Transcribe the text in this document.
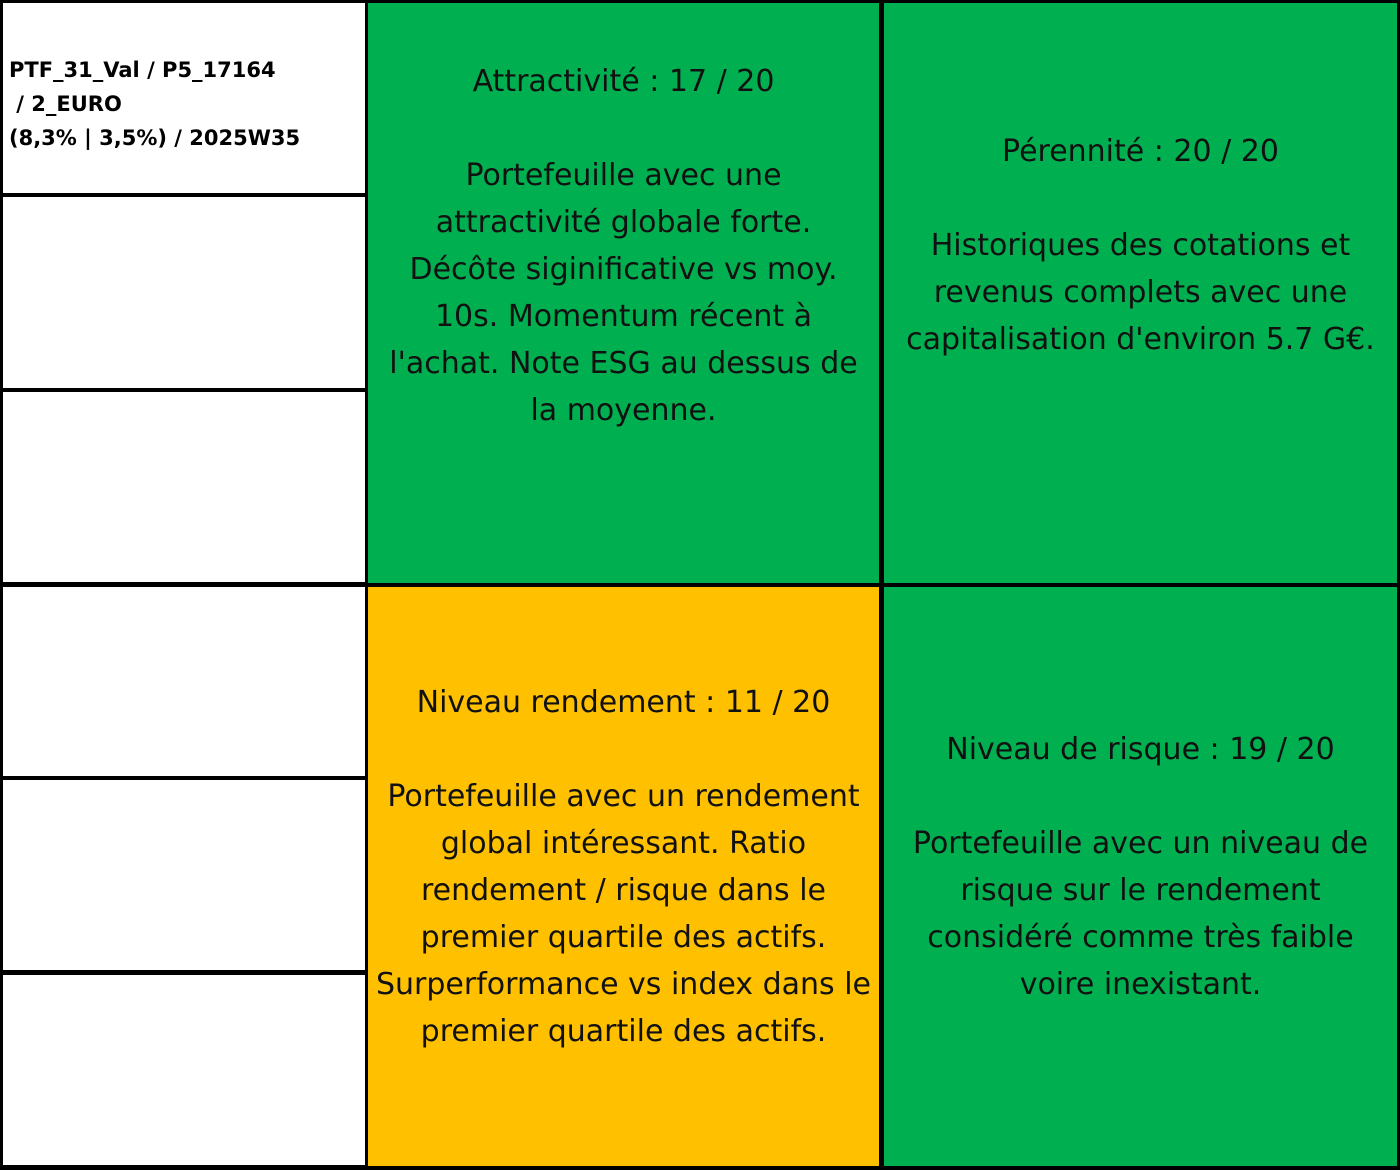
PTF_31_Val / P5_17164
/ 2_EURO
(8,3% | 3,5%) / 2025W35
Attractivité : 17 / 20
Portefeuille avec une attractivité globale forte. Décôte siginificative vs moy. 10s. Momentum récent à l'achat. Note ESG au dessus de la moyenne.
Pérennité : 20 / 20
Historiques des cotations et revenus complets avec une capitalisation d'environ 5.7 G€.
Niveau rendement : 11 / 20
Portefeuille avec un rendement global intéressant. Ratio rendement / risque dans le premier quartile des actifs. Surperformance vs index dans le premier quartile des actifs.
Niveau de risque : 19 / 20
Portefeuille avec un niveau de risque sur le rendement considéré comme très faible voire inexistant.
